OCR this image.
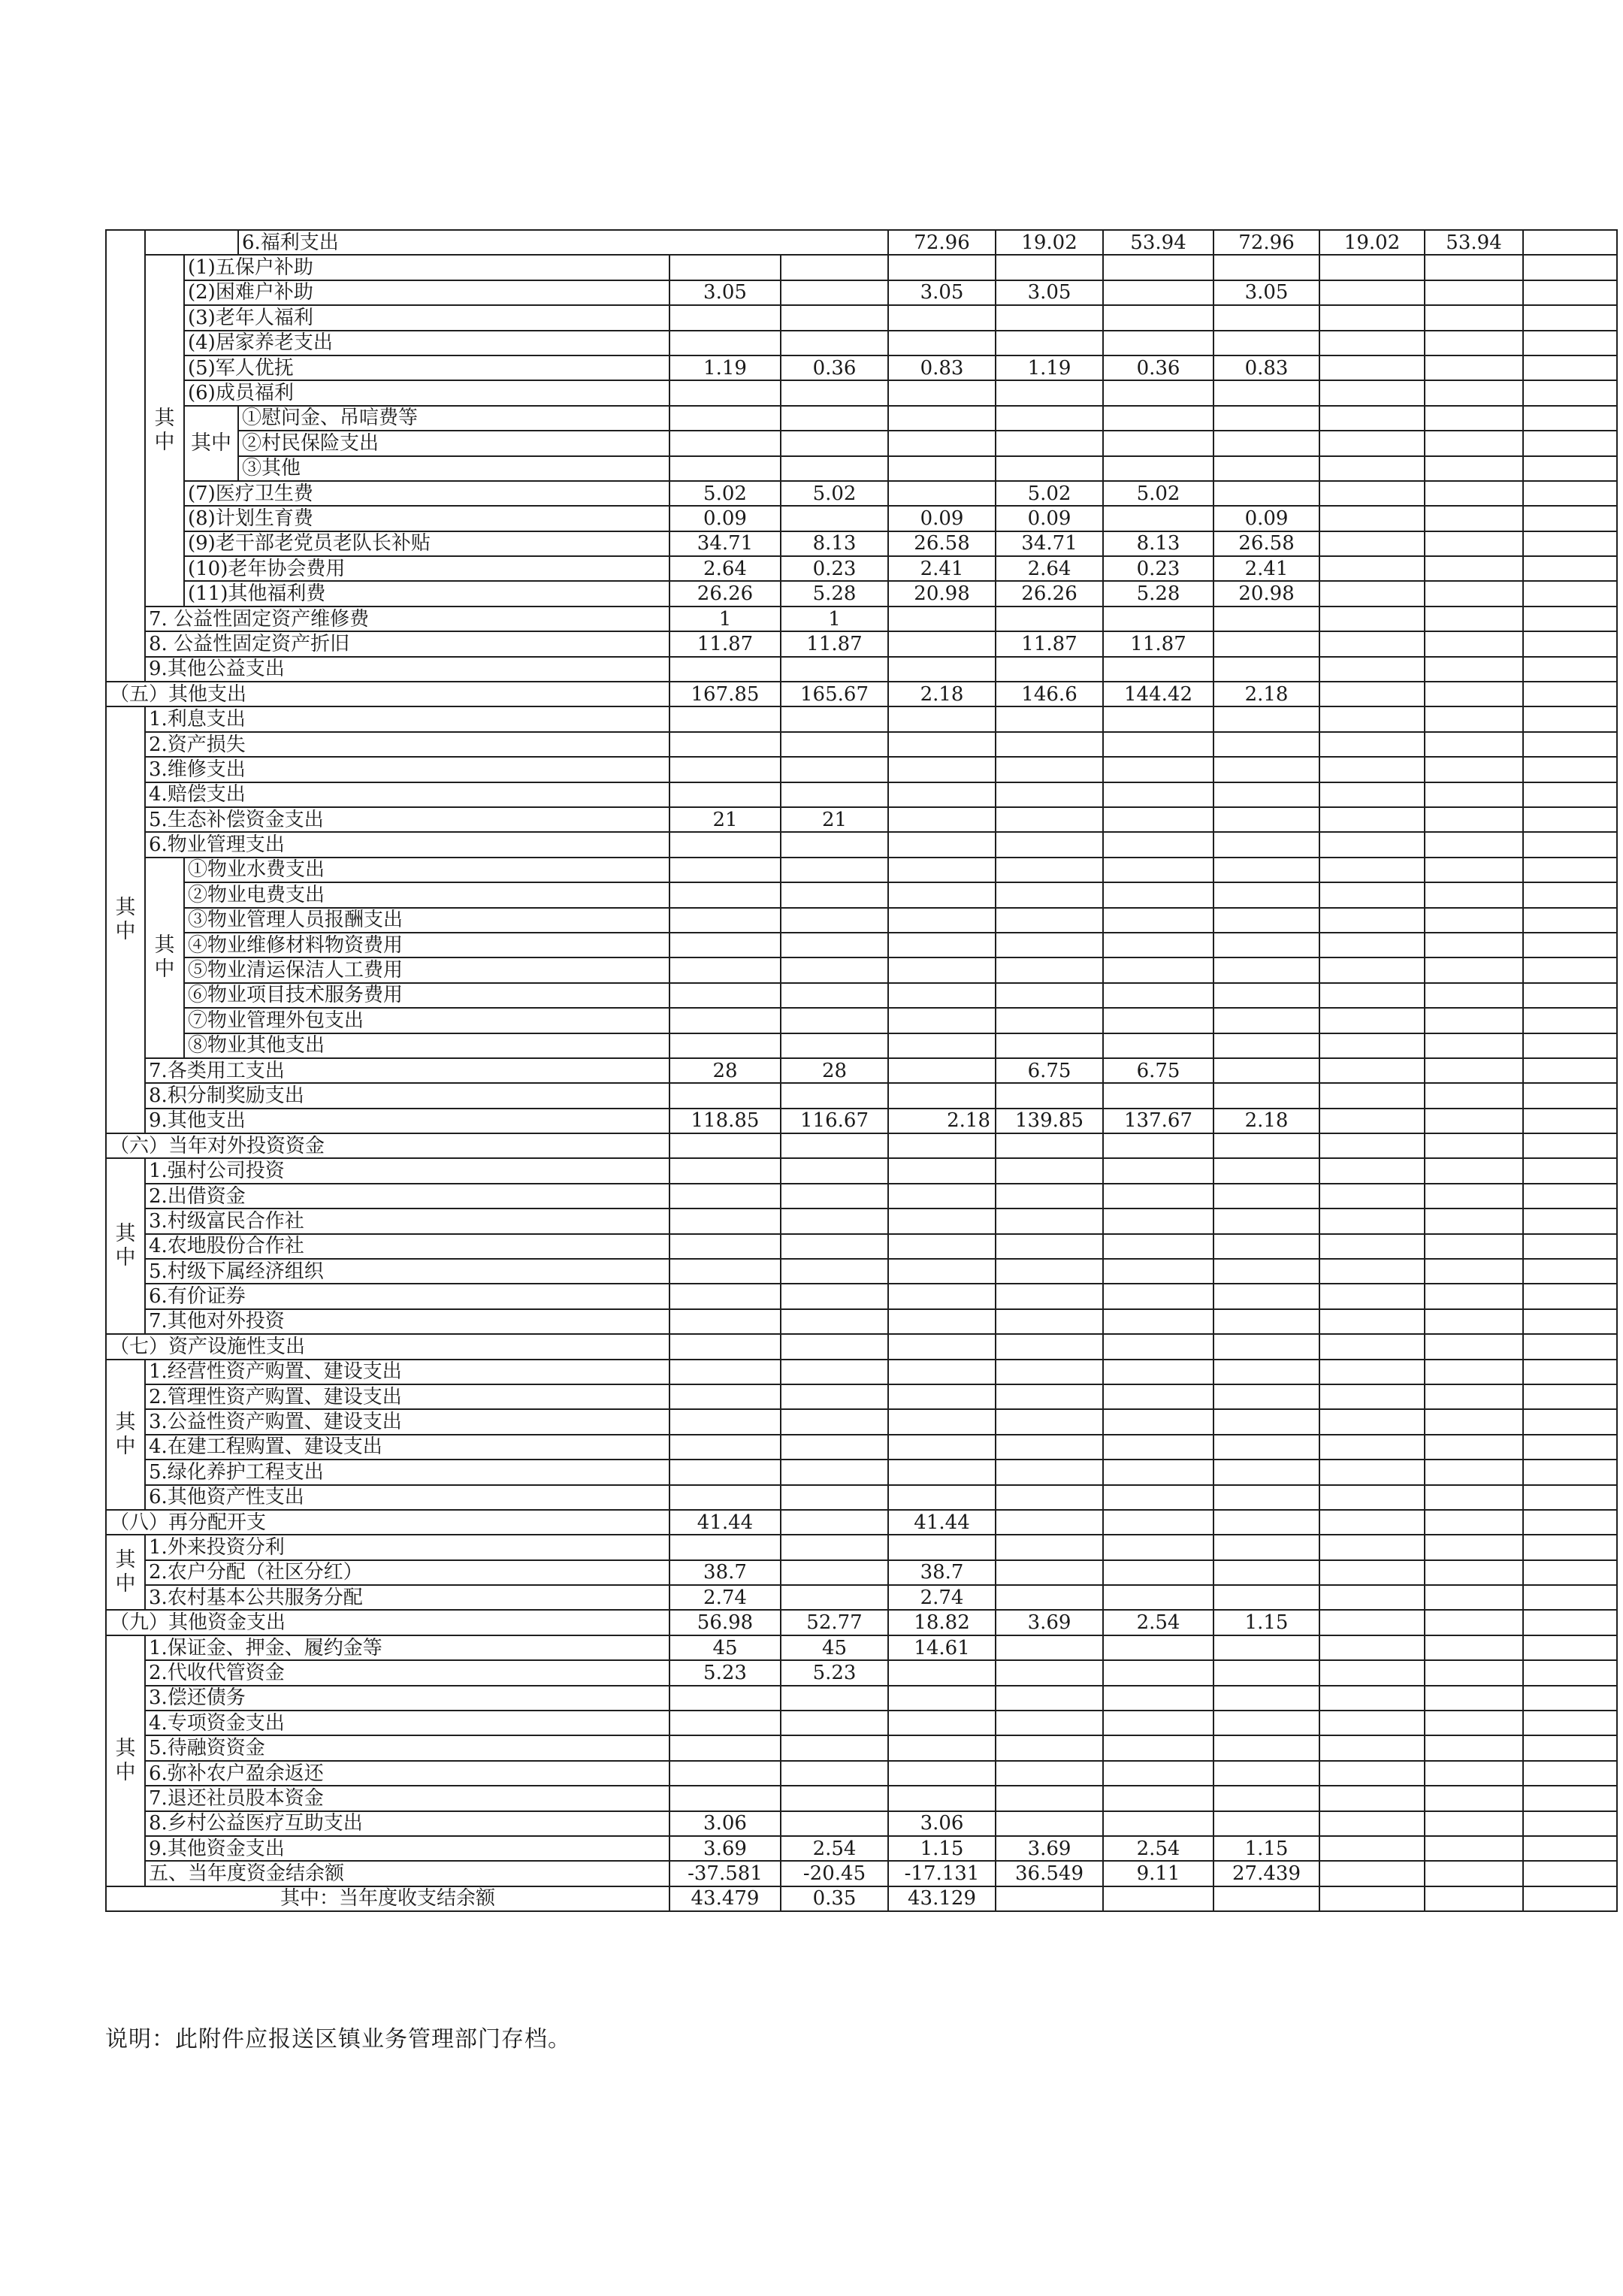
			6.福利支出			72.96	19.02	53.94	72.96	19.02	53.94			
	其
中	(1)五保户补助											
		(2)困难户补助		3.05		3.05	3.05		3.05				
		(3)老年人福利											
		(4)居家养老支出											
		(5)军人优抚		1.19	0.36	0.83	1.19	0.36	0.83				
		(6)成员福利											
		其中	①慰问金、吊唁费等										
			②村民保险支出										
			③其他										
		(7)医疗卫生费		5.02	5.02		5.02	5.02					
		(8)计划生育费		0.09		0.09	0.09		0.09				
		(9)老干部老党员老队长补贴		34.71	8.13	26.58	34.71	8.13	26.58				
		(10)老年协会费用		2.64	0.23	2.41	2.64	0.23	2.41				
		(11)其他福利费		26.26	5.28	20.98	26.26	5.28	20.98				
	7. 公益性固定资产维修费			1	1								
	8. 公益性固定资产折旧			11.87	11.87		11.87	11.87					
	9.其他公益支出												
（五）其他支出				167.85	165.67	2.18	146.6	144.42	2.18				
其
中	1.利息支出												
	2.资产损失												
	3.维修支出												
	4.赔偿支出												
	5.生态补偿资金支出			21	21								
	6.物业管理支出												
	其
中	①物业水费支出											
		②物业电费支出											
		③物业管理人员报酬支出											
		④物业维修材料物资费用											
		⑤物业清运保洁人工费用											
		⑥物业项目技术服务费用											
		⑦物业管理外包支出											
		⑧物业其他支出											
	7.各类用工支出			28	28		6.75	6.75					
	8.积分制奖励支出												
	9.其他支出			118.85	116.67	2.18	139.85	137.67	2.18				
（六）当年对外投资资金													
其
中	1.强村公司投资												
	2.出借资金												
	3.村级富民合作社												
	4.农地股份合作社												
	5.村级下属经济组织												
	6.有价证券												
	7.其他对外投资												
（七）资产设施性支出													
其
中	1.经营性资产购置、建设支出												
	2.管理性资产购置、建设支出												
	3.公益性资产购置、建设支出												
	4.在建工程购置、建设支出												
	5.绿化养护工程支出												
	6.其他资产性支出												
（八）再分配开支				41.44		41.44							
其
中	1.外来投资分利												
	2.农户分配（社区分红）			38.7		38.7							
	3.农村基本公共服务分配			2.74		2.74							
（九）其他资金支出				56.98	52.77	18.82	3.69	2.54	1.15				
其
中	1.保证金、押金、履约金等			45	45	14.61							
	2.代收代管资金			5.23	5.23								
	3.偿还债务												
	4.专项资金支出												
	5.待融资资金												
	6.弥补农户盈余返还												
	7.退还社员股本资金												
	8.乡村公益医疗互助支出			3.06		3.06							
	9.其他资金支出			3.69	2.54	1.15	3.69	2.54	1.15				
	五、当年度资金结余额			-37.581	-20.45	-17.131	36.549	9.11	27.439				
其中：当年度收支结余额				43.479	0.35	43.129							
说明：此附件应报送区镇业务管理部门存档。
